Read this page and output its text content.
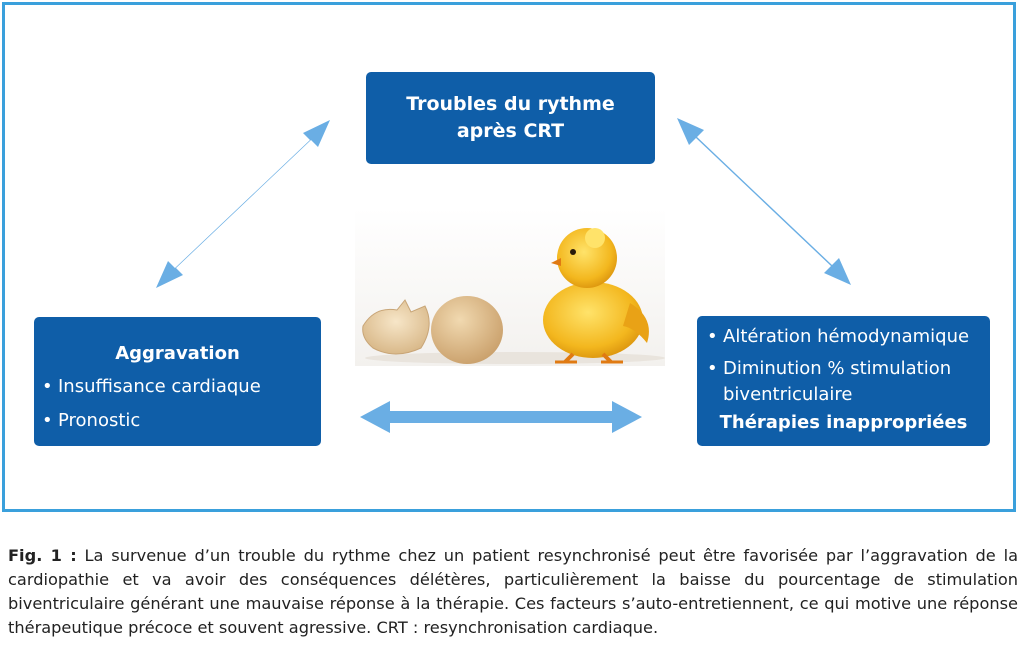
Troubles du rythme
après CRT
Aggravation
• Insuffisance cardiaque
• Pronostic
• Altération hémodynamique
• Diminution % stimulation
biventriculaire
Thérapies inappropriées
Fig. 1 : La survenue d’un trouble du rythme chez un patient resynchronisé peut être favorisée par l’aggravation de la cardiopathie et va avoir des conséquences délétères, particulièrement la baisse du pourcentage de stimulation biventriculaire générant une mauvaise réponse à la thérapie. Ces facteurs s’auto-entretiennent, ce qui motive une réponse thérapeutique précoce et souvent agressive. CRT : resynchronisation cardiaque.
